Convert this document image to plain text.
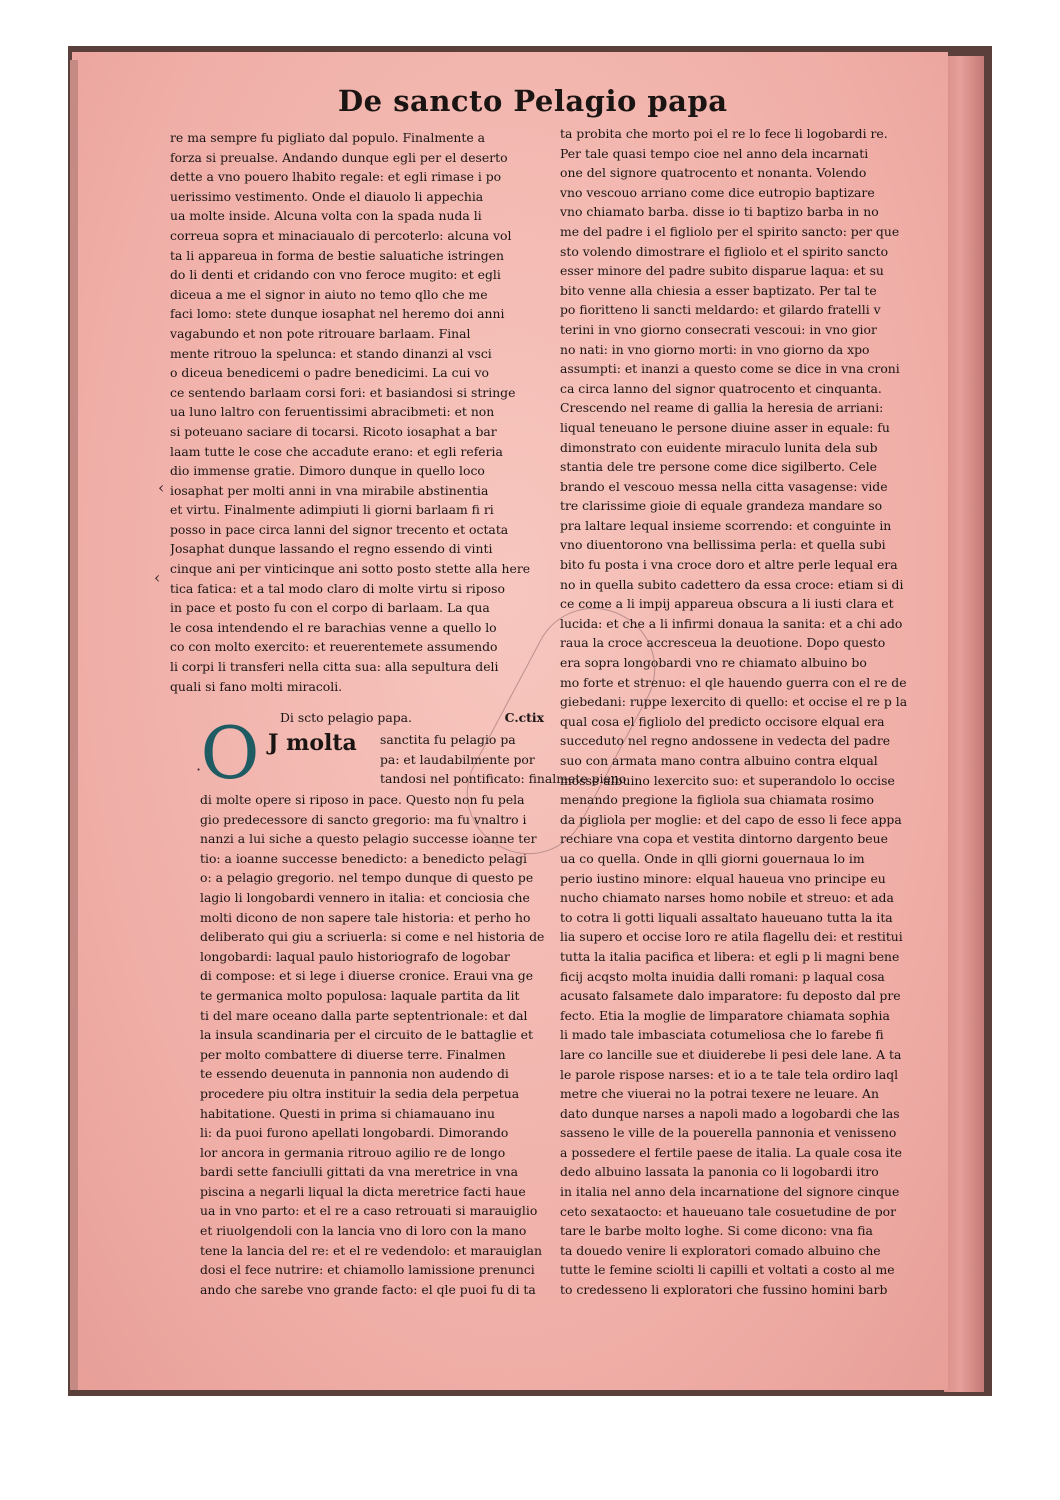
De sancto Pelagio papa
re ma sempre fu pigliato dal populo. Finalmente a
forza si preualse. Andando dunque egli per el deserto
dette a vno pouero lhabito regale: et egli rimase i po
uerissimo vestimento. Onde el diauolo li appechia
ua molte inside. Alcuna volta con la spada nuda li
correua sopra et minaciaualo di percoterlo: alcuna vol
ta li appareua in forma de bestie saluatiche istringen
do li denti et cridando con vno feroce mugito: et egli
diceua a me el signor in aiuto no temo qllo che me
faci lomo: stete dunque iosaphat nel heremo doi anni
vagabundo et non pote ritrouare barlaam. Final
mente ritrouo la spelunca: et stando dinanzi al vsci
o diceua benedicemi o padre benedicimi. La cui vo
ce sentendo barlaam corsi fori: et basiandosi si stringe
ua luno laltro con feruentissimi abracibmeti: et non
si poteuano saciare di tocarsi. Ricoto iosaphat a bar
laam tutte le cose che accadute erano: et egli referia
dio immense gratie. Dimoro dunque in quello loco
iosaphat per molti anni in vna mirabile abstinentia
et virtu. Finalmente adimpiuti li giorni barlaam fi ri
posso in pace circa lanni del signor trecento et octata
Josaphat dunque lassando el regno essendo di vinti
cinque ani per vinticinque ani sotto posto stette alla here
tica fatica: et a tal modo claro di molte virtu si riposo
in pace et posto fu con el corpo di barlaam. La qua
le cosa intendendo el re barachias venne a quello lo
co con molto exercito: et reuerentemete assumendo
li corpi li transferi nella citta sua: alla sepultura deli
quali si fano molti miracoli.
Di scto pelagio papa.	C.ctix
O J molta sanctita fu pelagio pa
pa: et laudabilmente por
tandosi nel pontificato: finalmete pieno
di molte opere si riposo in pace. Questo non fu pela
gio predecessore di sancto gregorio: ma fu vnaltro i
nanzi a lui siche a questo pelagio successe ioanne ter
tio: a ioanne successe benedicto: a benedicto pelagi
o: a pelagio gregorio. nel tempo dunque di questo pe
lagio li longobardi vennero in italia: et conciosia che
molti dicono de non sapere tale historia: et perho ho
deliberato qui giu a scriuerla: si come e nel historia de
longobardi: laqual paulo historiografo de logobar
di compose: et si lege i diuerse cronice. Eraui vna ge
te germanica molto populosa: laquale partita da lit
ti del mare oceano dalla parte septentrionale: et dal
la insula scandinaria per el circuito de le battaglie et
per molto combattere di diuerse terre. Finalmen
te essendo deuenuta in pannonia non audendo di
procedere piu oltra instituir la sedia dela perpetua
habitatione. Questi in prima si chiamauano inu
li: da puoi furono apellati longobardi. Dimorando
lor ancora in germania ritrouo agilio re de longo
bardi sette fanciulli gittati da vna meretrice in vna
piscina a negarli liqual la dicta meretrice facti haue
ua in vno parto: et el re a caso retrouati si marauiglio
et riuolgendoli con la lancia vno di loro con la mano
tene la lancia del re: et el re vedendolo: et marauiglan
dosi el fece nutrire: et chiamollo lamissione prenunci
ando che sarebe vno grande facto: el qle puoi fu di ta
ta probita che morto poi el re lo fece li logobardi re.
Per tale quasi tempo cioe nel anno dela incarnati
one del signore quatrocento et nonanta. Volendo
vno vescouo arriano come dice eutropio baptizare
vno chiamato barba. disse io ti baptizo barba in no
me del padre i el figliolo per el spirito sancto: per que
sto volendo dimostrare el figliolo et el spirito sancto
esser minore del padre subito disparue laqua: et su
bito venne alla chiesia a esser baptizato. Per tal te
po fioritteno li sancti meldardo: et gilardo fratelli v
terini in vno giorno consecrati vescoui: in vno gior
no nati: in vno giorno morti: in vno giorno da xpo
assumpti: et inanzi a questo come se dice in vna croni
ca circa lanno del signor quatrocento et cinquanta.
Crescendo nel reame di gallia la heresia de arriani:
liqual teneuano le persone diuine asser in equale: fu
dimonstrato con euidente miraculo lunita dela sub
stantia dele tre persone come dice sigilberto. Cele
brando el vescouo messa nella citta vasagense: vide
tre clarissime gioie di equale grandeza mandare so
pra laltare lequal insieme scorrendo: et conguinte in
vno diuentorono vna bellissima perla: et quella subi
bito fu posta i vna croce doro et altre perle lequal era
no in quella subito cadettero da essa croce: etiam si di
ce come a li impij appareua obscura a li iusti clara et
lucida: et che a li infirmi donaua la sanita: et a chi ado
raua la croce accresceua la deuotione. Dopo questo
era sopra longobardi vno re chiamato albuino bo
mo forte et strenuo: el qle hauendo guerra con el re de
giebedani: ruppe lexercito di quello: et occise el re p la
qual cosa el figliolo del predicto occisore elqual era
succeduto nel regno andossene in vedecta del padre
suo con armata mano contra albuino contra elqual
mosse albuino lexercito suo: et superandolo lo occise
menando pregione la figliola sua chiamata rosimo
da pigliola per moglie: et del capo de esso li fece appa
rechiare vna copa et vestita dintorno dargento beue
ua co quella. Onde in qlli giorni gouernaua lo im
perio iustino minore: elqual haueua vno principe eu
nucho chiamato narses homo nobile et streuo: et ada
to cotra li gotti liquali assaltato haueuano tutta la ita
lia supero et occise loro re atila flagellu dei: et restitui
tutta la italia pacifica et libera: et egli p li magni bene
ficij acqsto molta inuidia dalli romani: p laqual cosa
acusato falsamete dalo imparatore: fu deposto dal pre
fecto. Etia la moglie de limparatore chiamata sophia
li mado tale imbasciata cotumeliosa che lo farebe fi
lare co lancille sue et diuiderebe li pesi dele lane. A ta
le parole rispose narses: et io a te tale tela ordiro laql
metre che viuerai no la potrai texere ne leuare. An
dato dunque narses a napoli mado a logobardi che las
sasseno le ville de la pouerella pannonia et venisseno
a possedere el fertile paese de italia. La quale cosa ite
dedo albuino lassata la panonia co li logobardi itro
in italia nel anno dela incarnatione del signore cinque
ceto sexataocto: et haueuano tale cosuetudine de por
tare le barbe molto loghe. Si come dicono: vna fia
ta douedo venire li exploratori comado albuino che
tutte le femine sciolti li capilli et voltati a costo al me
to credesseno li exploratori che fussino homini barb
‹
‹
·
